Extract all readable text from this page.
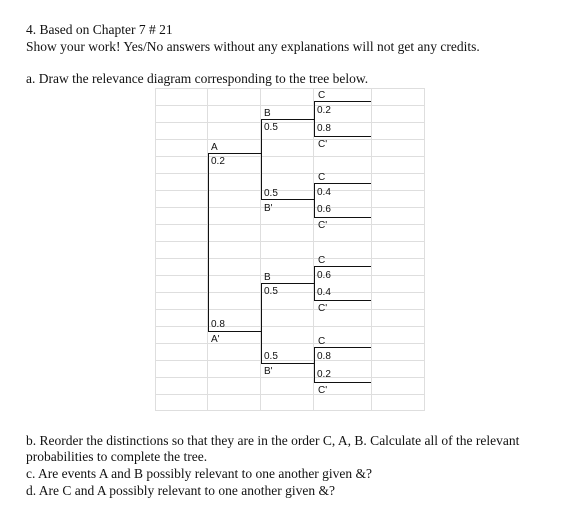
4. Based on Chapter 7 # 21
Show your work! Yes/No answers without any explanations will not get any credits.
a. Draw the relevance diagram corresponding to the tree below.
A
0.2
0.8
A'
B
0.5
0.5
B'
B
0.5
0.5
B'
C
0.2
0.8
C'
C
0.4
0.6
C'
C
0.6
0.4
C'
C
0.8
0.2
C'
b. Reorder the distinctions so that they are in the order C, A, B. Calculate all of the relevant
probabilities to complete the tree.
c. Are events A and B possibly relevant to one another given &?
d. Are C and A possibly relevant to one another given &?
